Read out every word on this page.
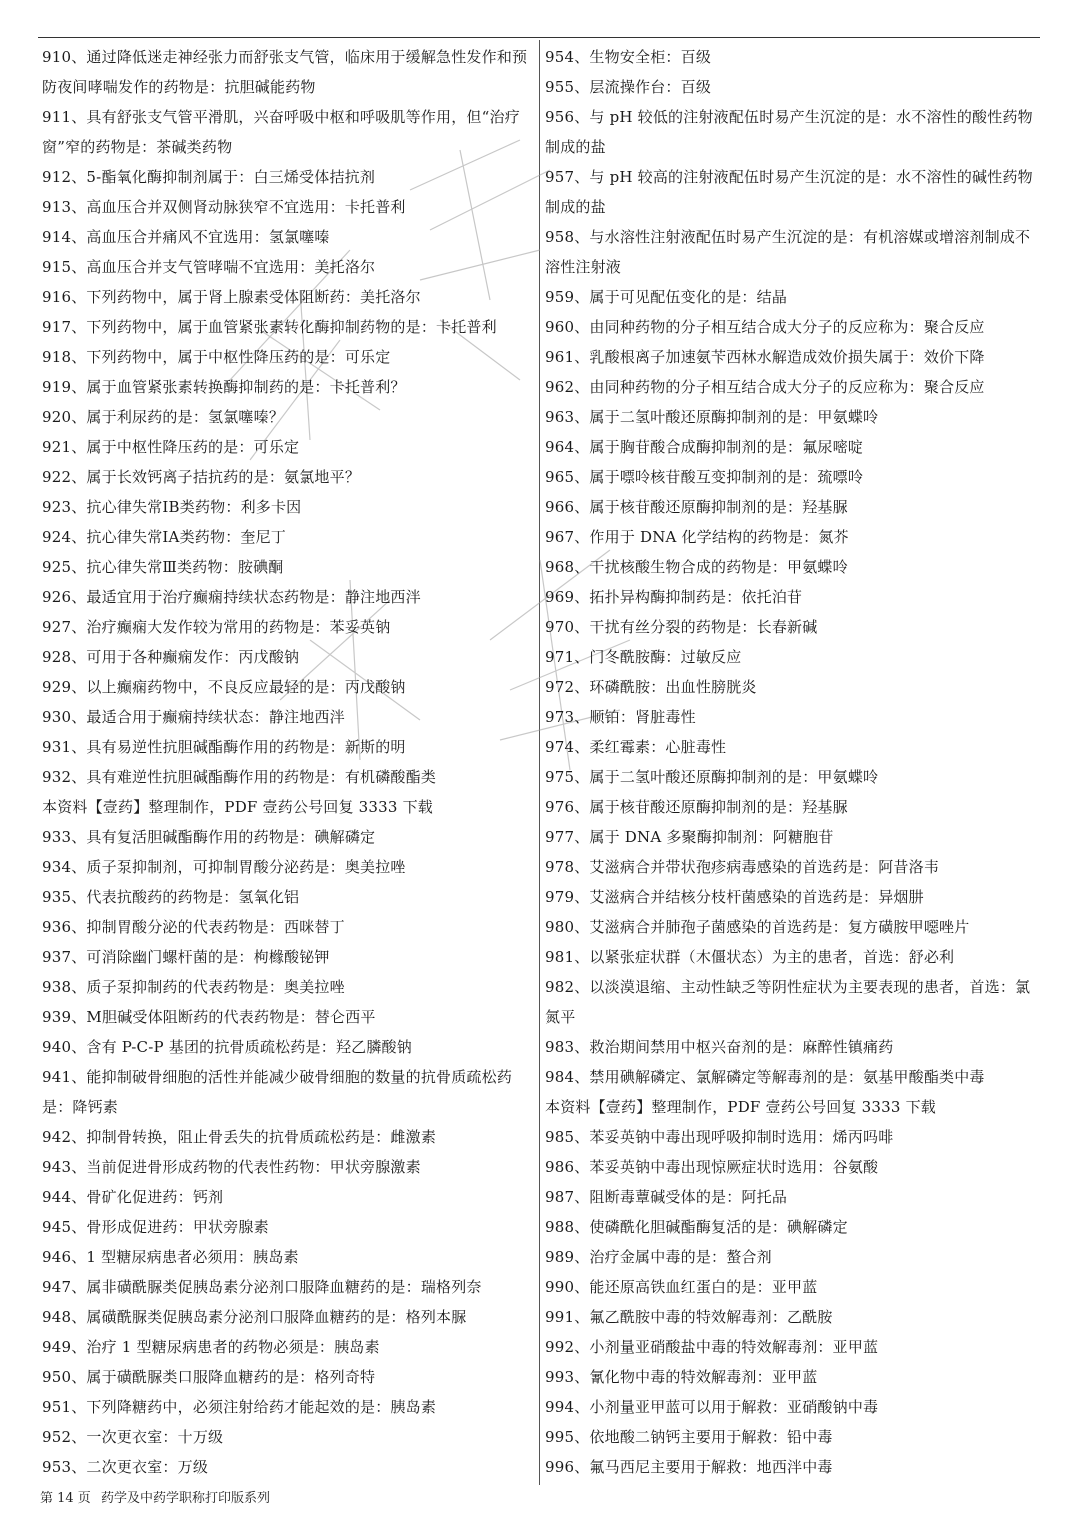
910、通过降低迷走神经张力而舒张支气管，临床用于缓解急性发作和预防夜间哮喘发作的药物是：抗胆碱能药物
911、具有舒张支气管平滑肌，兴奋呼吸中枢和呼吸肌等作用，但“治疗窗”窄的药物是：茶碱类药物
912、5-酯氧化酶抑制剂属于：白三烯受体拮抗剂
913、高血压合并双侧肾动脉狭窄不宜选用：卡托普利
914、高血压合并痛风不宜选用：氢氯噻嗪
915、高血压合并支气管哮喘不宜选用：美托洛尔
916、下列药物中，属于肾上腺素受体阻断药：美托洛尔
917、下列药物中，属于血管紧张素转化酶抑制药物的是：卡托普利
918、下列药物中，属于中枢性降压药的是：可乐定
919、属于血管紧张素转换酶抑制药的是：卡托普利？
920、属于利尿药的是：氢氯噻嗪？
921、属于中枢性降压药的是：可乐定
922、属于长效钙离子拮抗药的是：氨氯地平？
923、抗心律失常ⅠB类药物：利多卡因
924、抗心律失常ⅠA类药物：奎尼丁
925、抗心律失常Ⅲ类药物：胺碘酮
926、最适宜用于治疗癫痫持续状态药物是：静注地西泮
927、治疗癫痫大发作较为常用的药物是：苯妥英钠
928、可用于各种癫痫发作：丙戊酸钠
929、以上癫痫药物中，不良反应最轻的是：丙戊酸钠
930、最适合用于癫痫持续状态：静注地西泮
931、具有易逆性抗胆碱酯酶作用的药物是：新斯的明
932、具有难逆性抗胆碱酯酶作用的药物是：有机磷酸酯类
本资料【壹药】整理制作，PDF 壹药公号回复 3333 下载
933、具有复活胆碱酯酶作用的药物是：碘解磷定
934、质子泵抑制剂，可抑制胃酸分泌药是：奥美拉唑
935、代表抗酸药的药物是：氢氧化铝
936、抑制胃酸分泌的代表药物是：西咪替丁
937、可消除幽门螺杆菌的是：枸橼酸铋钾
938、质子泵抑制药的代表药物是：奥美拉唑
939、M胆碱受体阻断药的代表药物是：替仑西平
940、含有 P-C-P 基团的抗骨质疏松药是：羟乙膦酸钠
941、能抑制破骨细胞的活性并能减少破骨细胞的数量的抗骨质疏松药是：降钙素
942、抑制骨转换，阻止骨丢失的抗骨质疏松药是：雌激素
943、当前促进骨形成药物的代表性药物：甲状旁腺激素
944、骨矿化促进药：钙剂
945、骨形成促进药：甲状旁腺素
946、1 型糖尿病患者必须用：胰岛素
947、属非磺酰脲类促胰岛素分泌剂口服降血糖药的是：瑞格列奈
948、属磺酰脲类促胰岛素分泌剂口服降血糖药的是：格列本脲
949、治疗 1 型糖尿病患者的药物必须是：胰岛素
950、属于磺酰脲类口服降血糖药的是：格列奇特
951、下列降糖药中，必须注射给药才能起效的是：胰岛素
952、一次更衣室：十万级
953、二次更衣室：万级
954、生物安全柜：百级
955、层流操作台：百级
956、与 pH 较低的注射液配伍时易产生沉淀的是：水不溶性的酸性药物制成的盐
957、与 pH 较高的注射液配伍时易产生沉淀的是：水不溶性的碱性药物制成的盐
958、与水溶性注射液配伍时易产生沉淀的是：有机溶媒或增溶剂制成不溶性注射液
959、属于可见配伍变化的是：结晶
960、由同种药物的分子相互结合成大分子的反应称为：聚合反应
961、乳酸根离子加速氨苄西林水解造成效价损失属于：效价下降
962、由同种药物的分子相互结合成大分子的反应称为：聚合反应
963、属于二氢叶酸还原酶抑制剂的是：甲氨蝶呤
964、属于胸苷酸合成酶抑制剂的是：氟尿嘧啶
965、属于嘌呤核苷酸互变抑制剂的是：巯嘌呤
966、属于核苷酸还原酶抑制剂的是：羟基脲
967、作用于 DNA 化学结构的药物是：氮芥
968、干扰核酸生物合成的药物是：甲氨蝶呤
969、拓扑异构酶抑制药是：依托泊苷
970、干扰有丝分裂的药物是：长春新碱
971、门冬酰胺酶：过敏反应
972、环磷酰胺：出血性膀胱炎
973、顺铂：肾脏毒性
974、柔红霉素：心脏毒性
975、属于二氢叶酸还原酶抑制剂的是：甲氨蝶呤
976、属于核苷酸还原酶抑制剂的是：羟基脲
977、属于 DNA 多聚酶抑制剂：阿糖胞苷
978、艾滋病合并带状孢疹病毒感染的首选药是：阿昔洛韦
979、艾滋病合并结核分枝杆菌感染的首选药是：异烟肼
980、艾滋病合并肺孢子菌感染的首选药是：复方磺胺甲噁唑片
981、以紧张症状群（木僵状态）为主的患者，首选：舒必利
982、以淡漠退缩、主动性缺乏等阴性症状为主要表现的患者，首选：氯氮平
983、救治期间禁用中枢兴奋剂的是：麻醉性镇痛药
984、禁用碘解磷定、氯解磷定等解毒剂的是：氨基甲酸酯类中毒
本资料【壹药】整理制作，PDF 壹药公号回复 3333 下载
985、苯妥英钠中毒出现呼吸抑制时选用：烯丙吗啡
986、苯妥英钠中毒出现惊厥症状时选用：谷氨酸
987、阻断毒蕈碱受体的是：阿托品
988、使磷酰化胆碱酯酶复活的是：碘解磷定
989、治疗金属中毒的是：螯合剂
990、能还原高铁血红蛋白的是：亚甲蓝
991、氟乙酰胺中毒的特效解毒剂：乙酰胺
992、小剂量亚硝酸盐中毒的特效解毒剂：亚甲蓝
993、氰化物中毒的特效解毒剂：亚甲蓝
994、小剂量亚甲蓝可以用于解救：亚硝酸钠中毒
995、依地酸二钠钙主要用于解救：铅中毒
996、氟马西尼主要用于解救：地西泮中毒
第 14 页 药学及中药学职称打印版系列
